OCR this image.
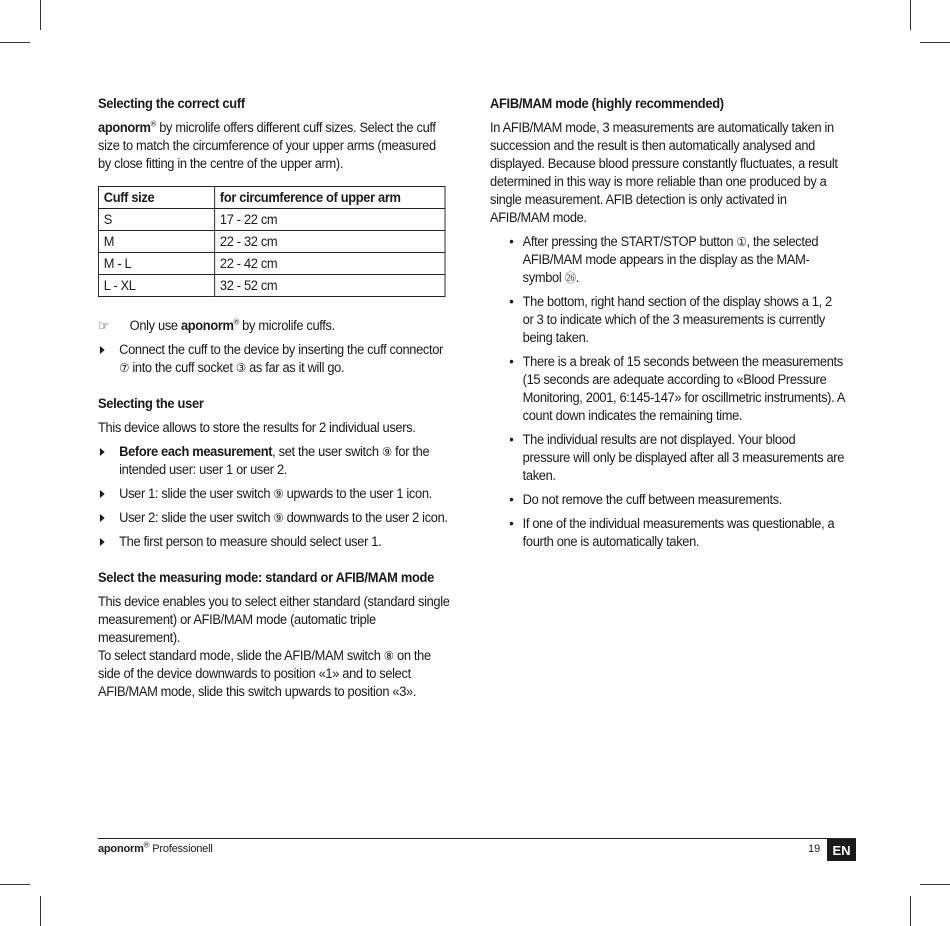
Selecting the correct cuff

aponorm® by microlife offers different cuff sizes. Select the cuff size to match the circumference of your upper arms (measured by close fitting in the centre of the upper arm).

Cuff size	for circumference of upper arm
S	17 - 22 cm
M	22 - 32 cm
M - L	22 - 42 cm
L - XL	32 - 52 cm
☞ Only use aponorm® by microlife cuffs.
Connect the cuff to the device by inserting the cuff connector ⑦ into the cuff socket ③ as far as it will go.
Selecting the user

This device allows to store the results for 2 individual users.

Before each measurement, set the user switch ⑨ for the intended user: user 1 or user 2.
User 1: slide the user switch ⑨ upwards to the user 1 icon.
User 2: slide the user switch ⑨ downwards to the user 2 icon.
The first person to measure should select user 1.
Select the measuring mode: standard or AFIB/MAM mode

This device enables you to select either standard (standard single measurement) or AFIB/MAM mode (automatic triple measurement).

To select standard mode, slide the AFIB/MAM switch ⑧ on the side of the device downwards to position «1» and to select AFIB/MAM mode, slide this switch upwards to position «3».

AFIB/MAM mode (highly recommended)

In AFIB/MAM mode, 3 measurements are automatically taken in succession and the result is then automatically analysed and displayed. Because blood pressure constantly fluctuates, a result determined in this way is more reliable than one produced by a single measurement. AFIB detection is only activated in AFIB/MAM mode.

• After pressing the START/STOP button ①, the selected AFIB/MAM mode appears in the display as the MAM-symbol ㉖.
• The bottom, right hand section of the display shows a 1, 2 or 3 to indicate which of the 3 measurements is currently being taken.
• There is a break of 15 seconds between the measurements (15 seconds are adequate according to «Blood Pressure Monitoring, 2001, 6:145-147» for oscillmetric instruments). A count down indicates the remaining time.
• The individual results are not displayed. Your blood pressure will only be displayed after all 3 measurements are taken.
• Do not remove the cuff between measurements.
• If one of the individual measurements was questionable, a fourth one is automatically taken.
aponorm® Professionell	19 EN
